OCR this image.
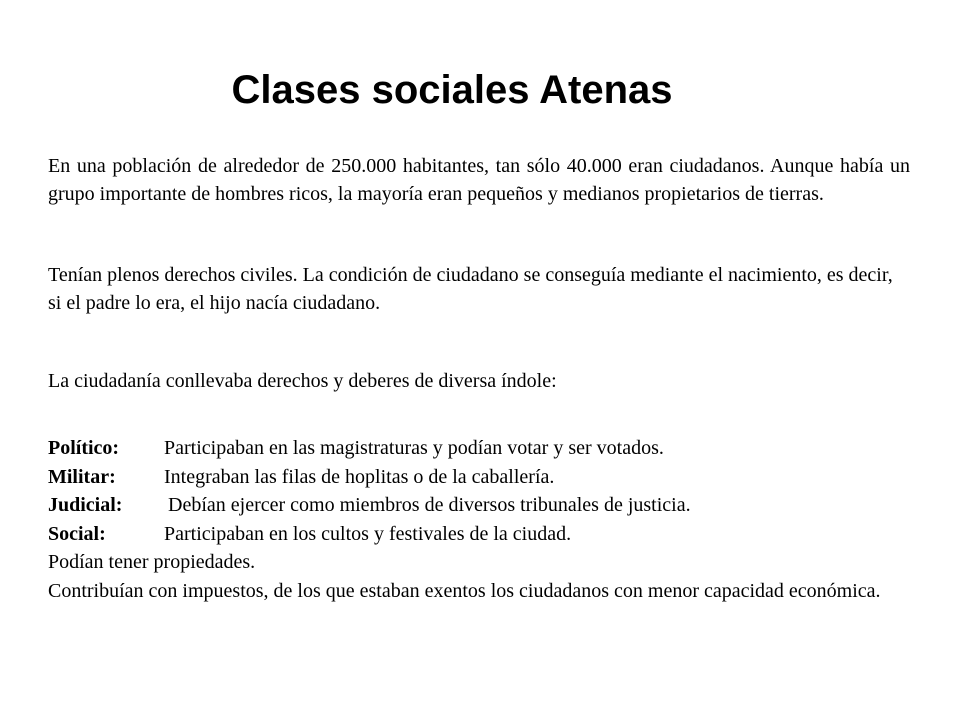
Clases sociales Atenas

En una población de alrededor de 250.000 habitantes, tan sólo 40.000 eran ciudadanos. Aunque había un grupo importante de hombres ricos, la mayoría eran pequeños y medianos propietarios de tierras.

Tenían plenos derechos civiles. La condición de ciudadano se conseguía mediante el nacimiento, es decir, si el padre lo era, el hijo nacía ciudadano.

La ciudadanía conllevaba derechos y deberes de diversa índole:

Político: Participaban en las magistraturas y podían votar y ser votados.
Militar: Integraban las filas de hoplitas o de la caballería.
Judicial: Debían ejercer como miembros de diversos tribunales de justicia.
Social:	Participaban en los cultos y festivales de la ciudad.
Podían tener propiedades.
Contribuían con impuestos, de los que estaban exentos los ciudadanos con menor capacidad económica.
